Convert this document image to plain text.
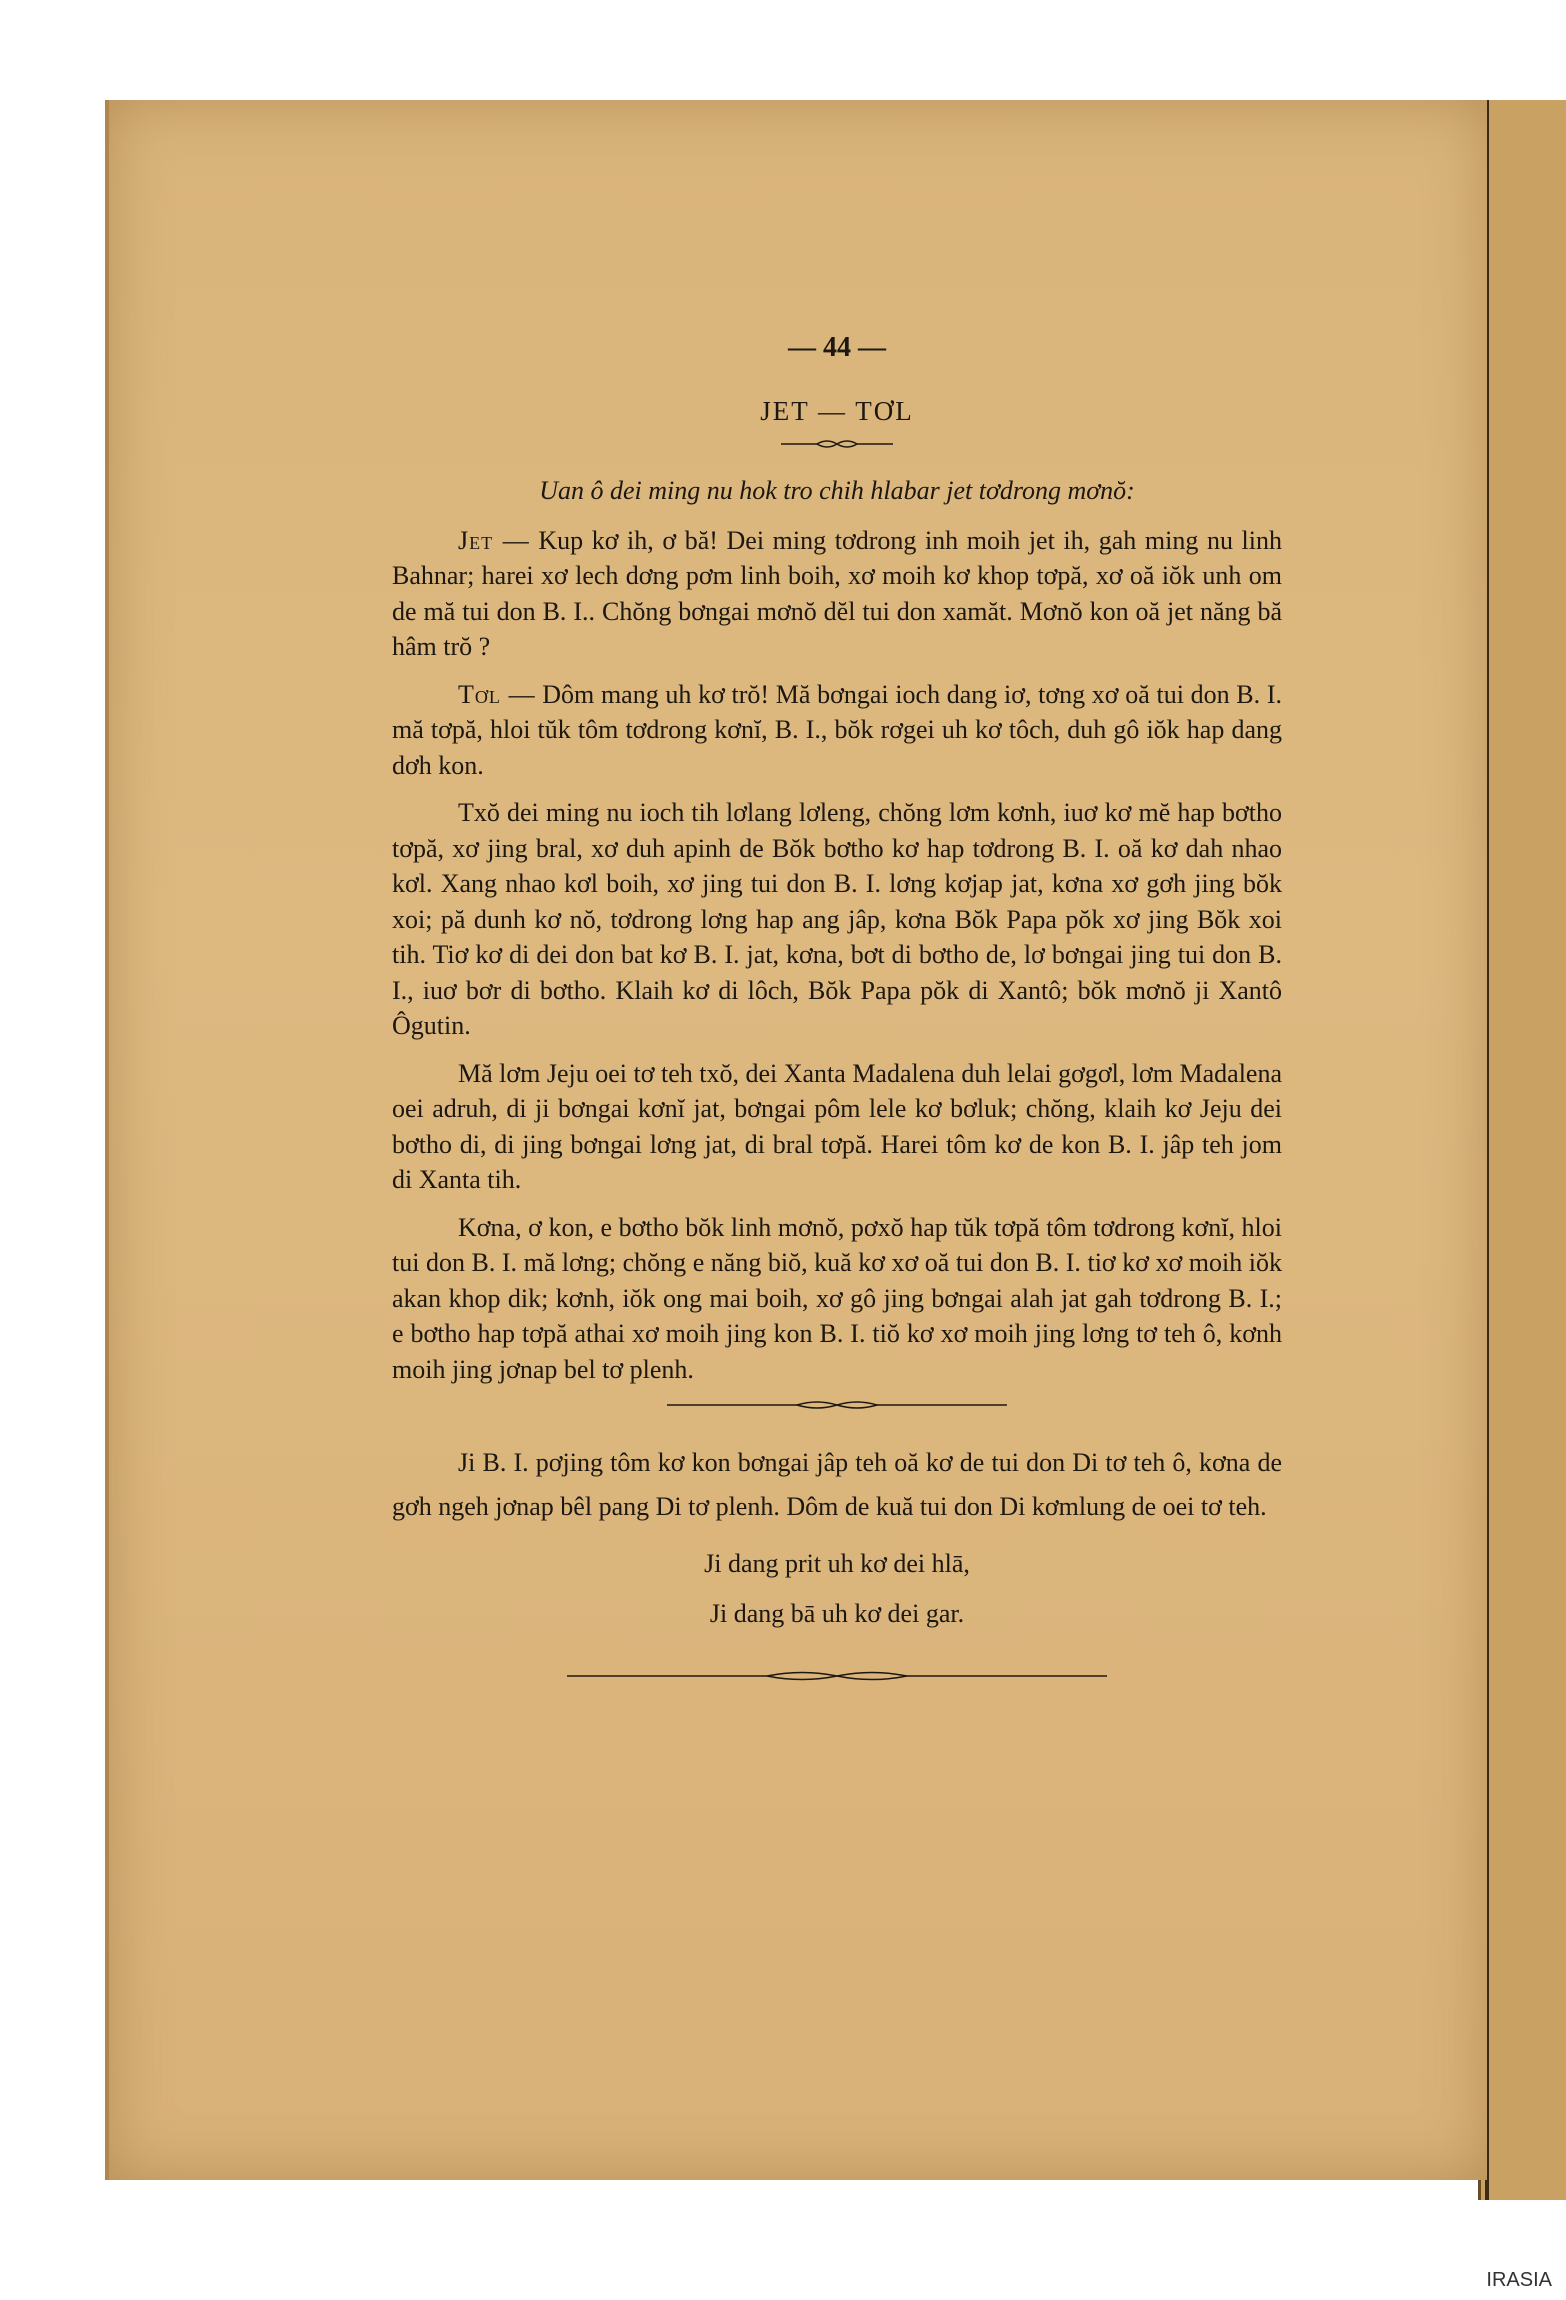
— 44 —
JET — TƠL
Uan ô dei ming nu hok tro chih hlabar jet tơdrong mơnŏ:

Jet — Kup kơ ih, ơ bă! Dei ming tơdrong inh moih jet ih, gah ming nu linh Bahnar; harei xơ lech dơng pơm linh boih, xơ moih kơ khop tơpă, xơ oă iŏk unh om de mă tui don B. I.. Chŏng bơngai mơnŏ dĕl tui don xamăt. Mơnŏ kon oă jet năng bă hâm trŏ ?

Tơl — Dôm mang uh kơ trŏ! Mă bơngai ioch dang iơ, tơng xơ oă tui don B. I. mă tơpă, hloi tŭk tôm tơdrong kơnĭ, B. I., bŏk rơgei uh kơ tôch, duh gô iŏk hap dang dơh kon.

Txŏ dei ming nu ioch tih lơlang lơleng, chŏng lơm kơnh, iuơ kơ mĕ hap bơtho tơpă, xơ jing bral, xơ duh apinh de Bŏk bơtho kơ hap tơdrong B. I. oă kơ dah nhao kơl. Xang nhao kơl boih, xơ jing tui don B. I. lơng kơjap jat, kơna xơ gơh jing bŏk xoi; pă dunh kơ nŏ, tơdrong lơng hap ang jâp, kơna Bŏk Papa pŏk xơ jing Bŏk xoi tih. Tiơ kơ di dei don bat kơ B. I. jat, kơna, bơt di bơtho de, lơ bơngai jing tui don B. I., iuơ bơr di bơtho. Klaih kơ di lôch, Bŏk Papa pŏk di Xantô; bŏk mơnŏ ji Xantô Ôgutin.

Mă lơm Jeju oei tơ teh txŏ, dei Xanta Madalena duh lelai gơgơl, lơm Madalena oei adruh, di ji bơngai kơnĭ jat, bơngai pôm lele kơ bơluk; chŏng, klaih kơ Jeju dei bơtho di, di jing bơngai lơng jat, di bral tơpă. Harei tôm kơ de kon B. I. jâp teh jom di Xanta tih.

Kơna, ơ kon, e bơtho bŏk linh mơnŏ, pơxŏ hap tŭk tơpă tôm tơdrong kơnĭ, hloi tui don B. I. mă lơng; chŏng e năng biŏ, kuă kơ xơ oă tui don B. I. tiơ kơ xơ moih iŏk akan khop dik; kơnh, iŏk ong mai boih, xơ gô jing bơngai alah jat gah tơdrong B. I.; e bơtho hap tơpă athai xơ moih jing kon B. I. tiŏ kơ xơ moih jing lơng tơ teh ô, kơnh moih jing jơnap bel tơ plenh.

Ji B. I. pơjing tôm kơ kon bơngai jâp teh oă kơ de tui don Di tơ teh ô, kơna de gơh ngeh jơnap bêl pang Di tơ plenh. Dôm de kuă tui don Di kơmlung de oei tơ teh.

Ji dang prit uh kơ dei hlā,
Ji dang bā uh kơ dei gar.
IRASIA
